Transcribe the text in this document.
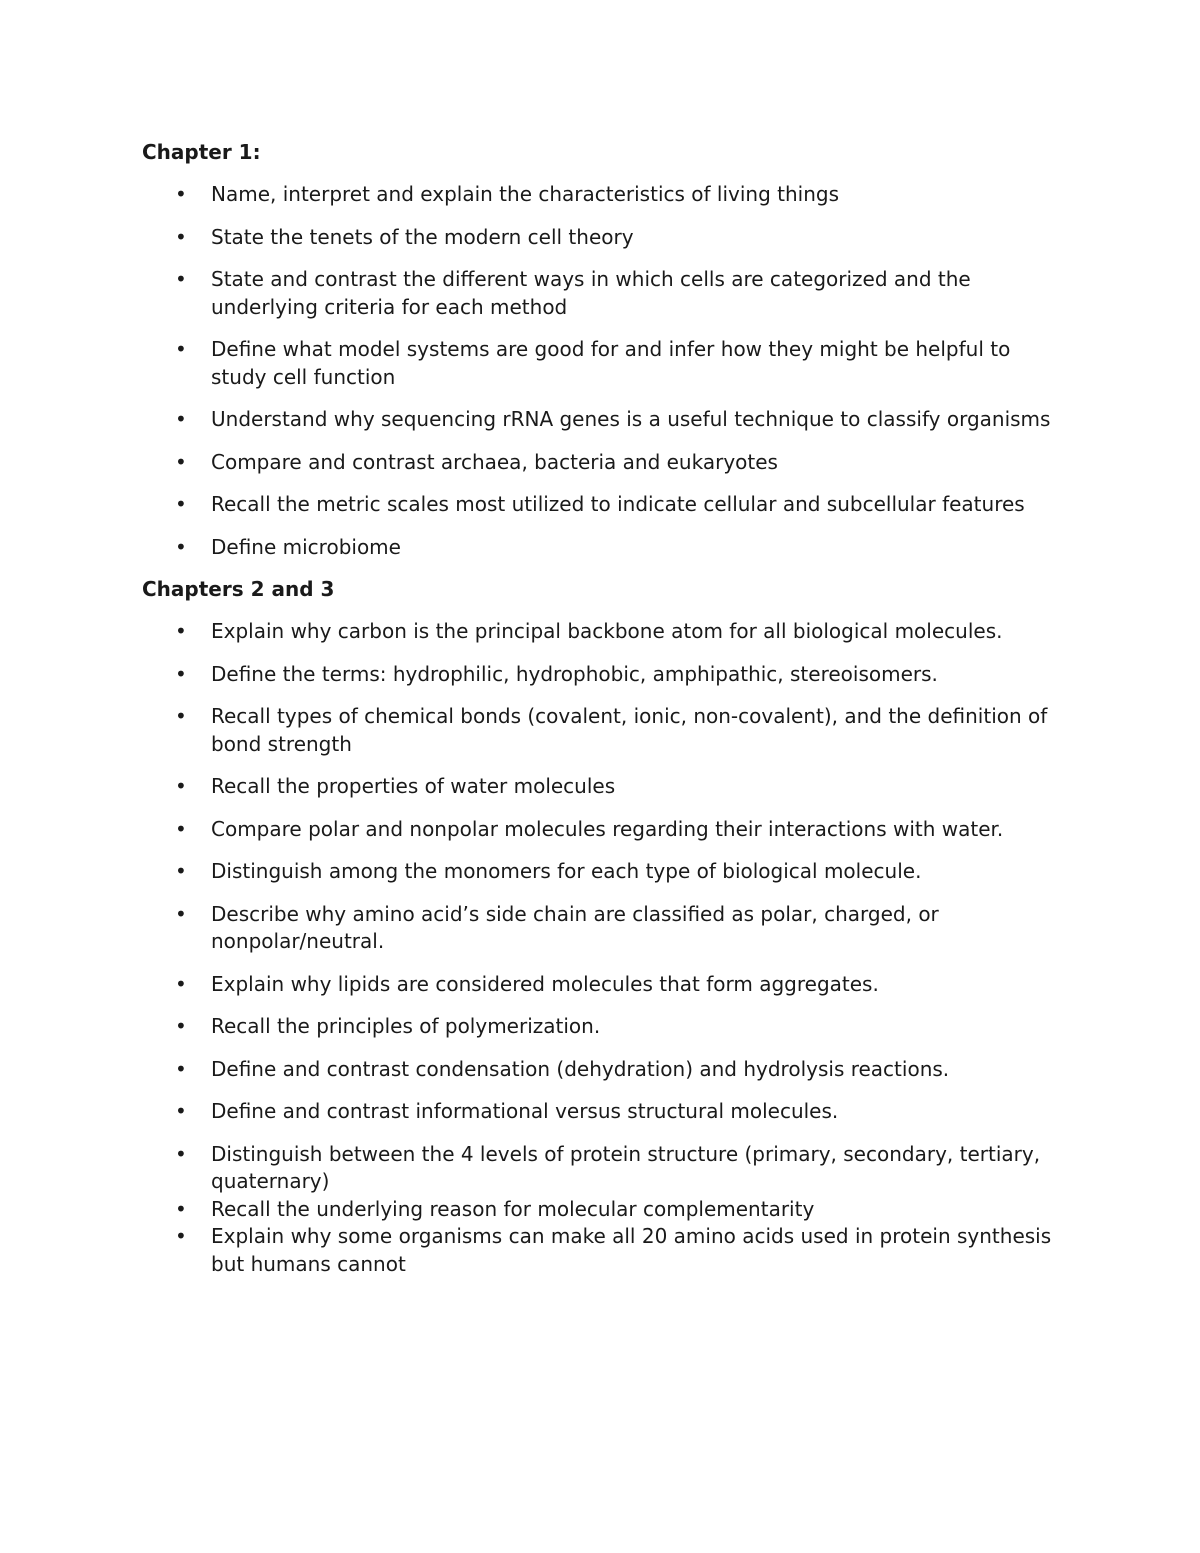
Chapter 1:
• Name, interpret and explain the characteristics of living things
• State the tenets of the modern cell theory
• State and contrast the different ways in which cells are categorized and the underlying criteria for each method
• Define what model systems are good for and infer how they might be helpful to study cell function
• Understand why sequencing rRNA genes is a useful technique to classify organisms
• Compare and contrast archaea, bacteria and eukaryotes
• Recall the metric scales most utilized to indicate cellular and subcellular features
• Define microbiome
Chapters 2 and 3
• Explain why carbon is the principal backbone atom for all biological molecules.
• Define the terms: hydrophilic, hydrophobic, amphipathic, stereoisomers.
• Recall types of chemical bonds (covalent, ionic, non-covalent), and the definition of bond strength
• Recall the properties of water molecules
• Compare polar and nonpolar molecules regarding their interactions with water.
• Distinguish among the monomers for each type of biological molecule.
• Describe why amino acid’s side chain are classified as polar, charged, or nonpolar/neutral.
• Explain why lipids are considered molecules that form aggregates.
• Recall the principles of polymerization.
• Define and contrast condensation (dehydration) and hydrolysis reactions.
• Define and contrast informational versus structural molecules.
• Distinguish between the 4 levels of protein structure (primary, secondary, tertiary, quaternary)
• Recall the underlying reason for molecular complementarity
• Explain why some organisms can make all 20 amino acids used in protein synthesis but humans cannot
